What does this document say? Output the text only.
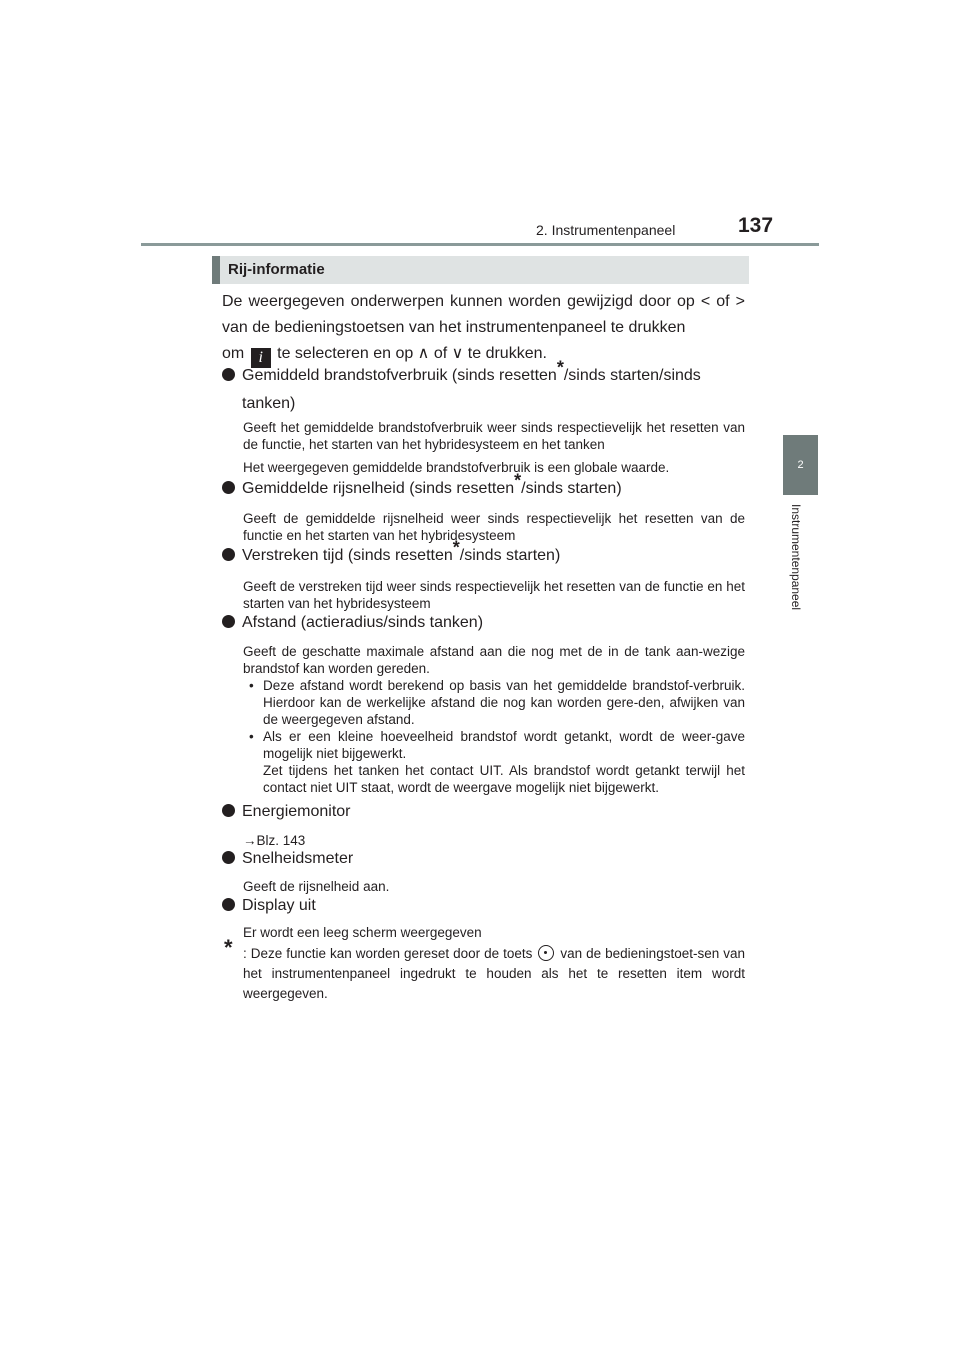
2. Instrumentenpaneel	137
2
Instrumentenpaneel
Rij-informatie

De weergegeven onderwerpen kunnen worden gewijzigd door op < of > van de bedieningstoetsen van het instrumentenpaneel te drukken

om i te selecteren en op ∧ of ∨ te drukken.

Gemiddeld brandstofverbruik (sinds resetten*/sinds starten/sinds
tanken)

Geeft het gemiddelde brandstofverbruik weer sinds respectievelijk het resetten van de functie, het starten van het hybridesysteem en het tanken

Het weergegeven gemiddelde brandstofverbruik is een globale waarde.

Gemiddelde rijsnelheid (sinds resetten*/sinds starten)

Geeft de gemiddelde rijsnelheid weer sinds respectievelijk het resetten van de functie en het starten van het hybridesysteem

Verstreken tijd (sinds resetten*/sinds starten)

Geeft de verstreken tijd weer sinds respectievelijk het resetten van de functie en het starten van het hybridesysteem

Afstand (actieradius/sinds tanken)

Geeft de geschatte maximale afstand aan die nog met de in de tank aan-wezige brandstof kan worden gereden.

• Deze afstand wordt berekend op basis van het gemiddelde brandstof-verbruik. Hierdoor kan de werkelijke afstand die nog kan worden gere-den, afwijken van de weergegeven afstand.
• Als er een kleine hoeveelheid brandstof wordt getankt, wordt de weer-gave mogelijk niet bijgewerkt.
Zet tijdens het tanken het contact UIT. Als brandstof wordt getankt terwijl het contact niet UIT staat, wordt de weergave mogelijk niet bijgewerkt.
Energiemonitor

→Blz. 143

Snelheidsmeter

Geeft de rijsnelheid aan.

Display uit

Er wordt een leeg scherm weergegeven

* : Deze functie kan worden gereset door de toets van de bedieningstoet-sen van het instrumentenpaneel ingedrukt te houden als het te resetten item wordt weergegeven.
